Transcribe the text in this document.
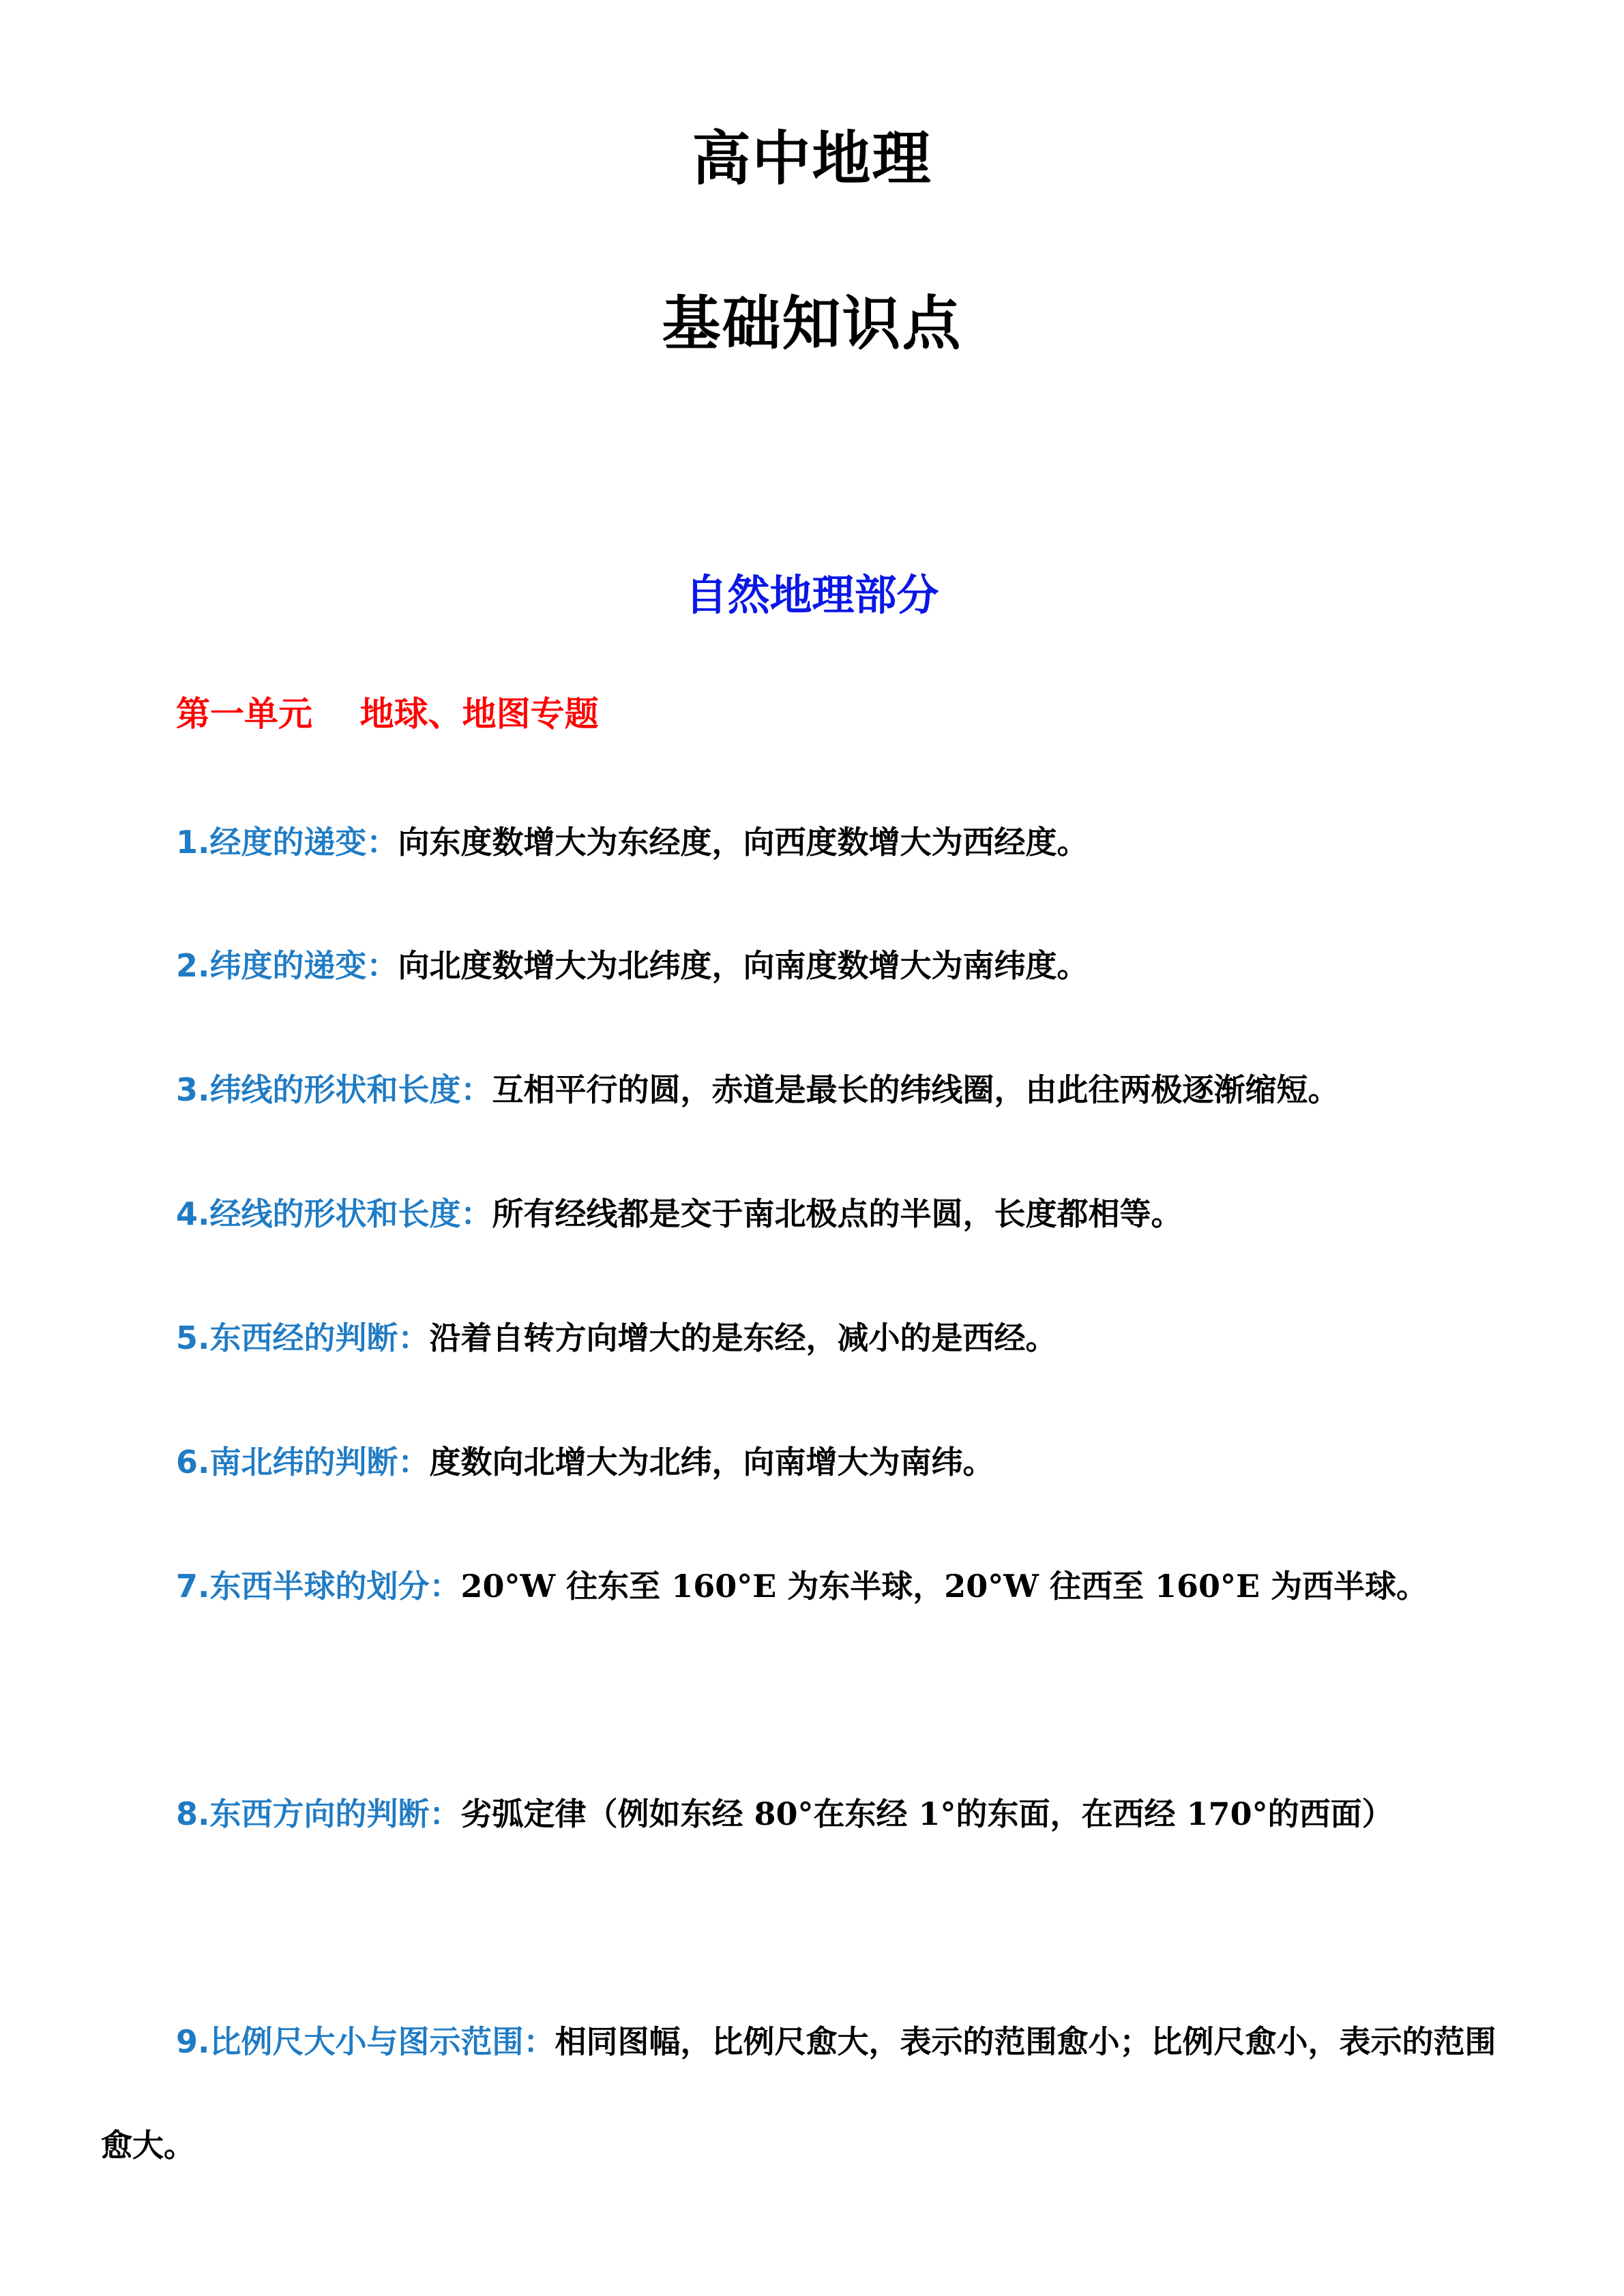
高中地理
基础知识点
自然地理部分
第一单元    地球、地图专题

1.经度的递变：向东度数增大为东经度，向西度数增大为西经度。

2.纬度的递变：向北度数增大为北纬度，向南度数增大为南纬度。

3.纬线的形状和长度：互相平行的圆，赤道是最长的纬线圈，由此往两极逐渐缩短。

4.经线的形状和长度：所有经线都是交于南北极点的半圆，长度都相等。

5.东西经的判断：沿着自转方向增大的是东经，减小的是西经。

6.南北纬的判断：度数向北增大为北纬，向南增大为南纬。

7.东西半球的划分：20°W 往东至 160°E 为东半球，20°W 往西至 160°E 为西半球。

8.东西方向的判断：劣弧定律（例如东经 80°在东经 1°的东面，在西经 170°的西面）

9.比例尺大小与图示范围：相同图幅，比例尺愈大，表示的范围愈小；比例尺愈小，表示的范围愈大。
